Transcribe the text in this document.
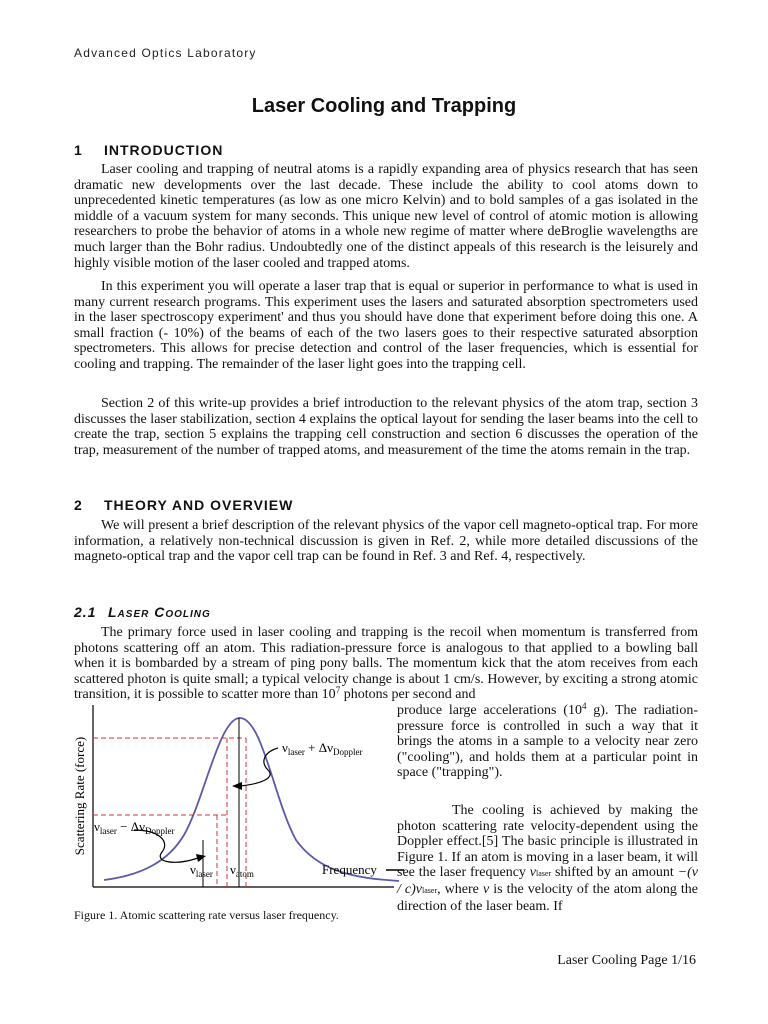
Advanced Optics Laboratory
Laser Cooling and Trapping
1 INTRODUCTION

Laser cooling and trapping of neutral atoms is a rapidly expanding area of physics research that has seen dramatic new developments over the last decade. These include the ability to cool atoms down to unprecedented kinetic temperatures (as low as one micro Kelvin) and to bold samples of a gas isolated in the middle of a vacuum system for many seconds. This unique new level of control of atomic motion is allowing researchers to probe the behavior of atoms in a whole new regime of matter where deBroglie wavelengths are much larger than the Bohr radius. Undoubtedly one of the distinct appeals of this research is the leisurely and highly visible motion of the laser cooled and trapped atoms.

In this experiment you will operate a laser trap that is equal or superior in performance to what is used in many current research programs. This experiment uses the lasers and saturated absorption spectrometers used in the laser spectroscopy experiment' and thus you should have done that experiment before doing this one. A small fraction (- 10%) of the beams of each of the two lasers goes to their respective saturated absorption spectrometers. This allows for precise detection and control of the laser frequencies, which is essential for cooling and trapping. The remainder of the laser light goes into the trapping cell.

Section 2 of this write-up provides a brief introduction to the relevant physics of the atom trap, section 3 discusses the laser stabilization, section 4 explains the optical layout for sending the laser beams into the cell to create the trap, section 5 explains the trapping cell construction and section 6 discusses the operation of the trap, measurement of the number of trapped atoms, and measurement of the time the atoms remain in the trap.

2 THEORY AND OVERVIEW

We will present a brief description of the relevant physics of the vapor cell magneto-optical trap. For more information, a relatively non-technical discussion is given in Ref. 2, while more detailed discussions of the magneto-optical trap and the vapor cell trap can be found in Ref. 3 and Ref. 4, respectively.

2.1 Laser Cooling

The primary force used in laser cooling and trapping is the recoil when momentum is transferred from photons scattering off an atom. This radiation-pressure force is analogous to that applied to a bowling ball when it is bombarded by a stream of ping pony balls. The momentum kick that the atom receives from each scattered photon is quite small; a typical velocity change is about 1 cm/s. However, by exciting a strong atomic transition, it is possible to scatter more than $10^7$ photons per second and

produce large accelerations ($10^4$ g). The radiation-pressure force is controlled in such a way that it brings the atoms in a sample to a velocity near zero ("cooling"), and holds them at a particular point in space ("trapping").

The cooling is achieved by making the photon scattering rate velocity-dependent using the Doppler effect.[5] The basic principle is illustrated in Figure 1. If an atom is moving in a laser beam, it will see the laser frequency νlaser shifted by an amount −(v / c)νlaser, where v is the velocity of the atom along the direction of the laser beam. If

Scattering Rate (force)
Frequency
$\nu_{laser} + \Delta\nu_{Doppler}$
$\nu_{laser} - \Delta\nu_{Doppler}$
$\nu_{laser}$ $\nu_{atom}$
Figure 1. Atomic scattering rate versus laser frequency.
Laser Cooling Page 1/16
